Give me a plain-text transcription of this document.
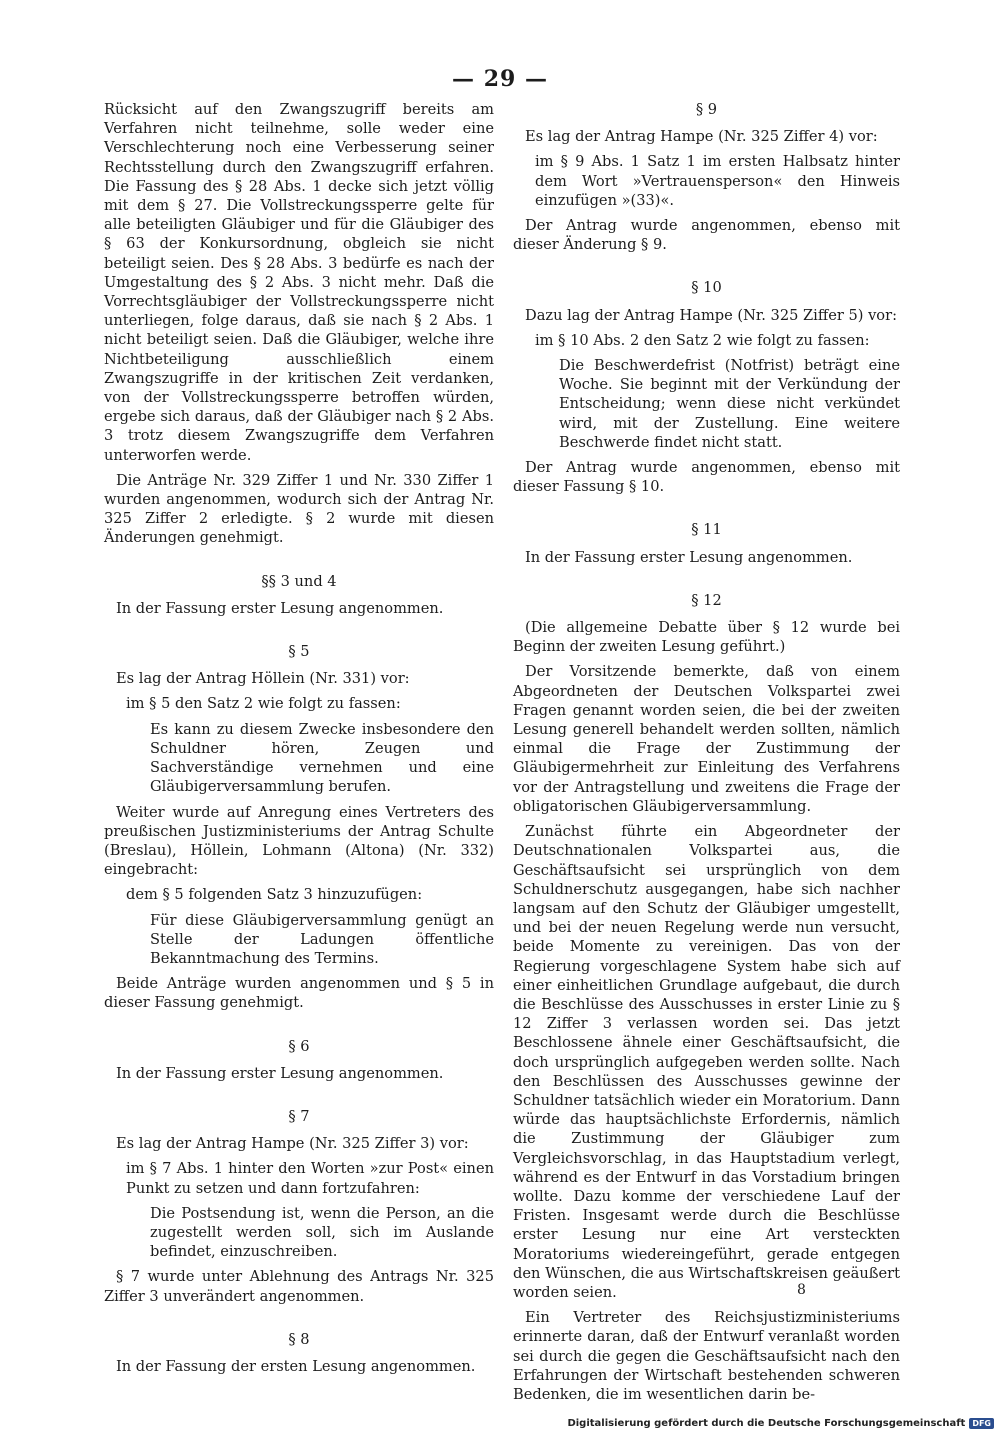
— 29 —

Rücksicht auf den Zwangszugriff bereits am Verfahren nicht teilnehme, solle weder eine Verschlechterung noch eine Verbesserung seiner Rechtsstellung durch den Zwangszugriff erfahren. Die Fassung des § 28 Abs. 1 decke sich jetzt völlig mit dem § 27. Die Vollstreckungssperre gelte für alle beteiligten Gläubiger und für die Gläubiger des § 63 der Konkursordnung, obgleich sie nicht beteiligt seien. Des § 28 Abs. 3 bedürfe es nach der Umgestaltung des § 2 Abs. 3 nicht mehr. Daß die Vorrechtsgläubiger der Vollstreckungssperre nicht unterliegen, folge daraus, daß sie nach § 2 Abs. 1 nicht beteiligt seien. Daß die Gläubiger, welche ihre Nichtbeteiligung ausschließlich einem Zwangszugriffe in der kritischen Zeit verdanken, von der Vollstreckungssperre betroffen würden, ergebe sich daraus, daß der Gläubiger nach § 2 Abs. 3 trotz diesem Zwangszugriffe dem Verfahren unterworfen werde.

Die Anträge Nr. 329 Ziffer 1 und Nr. 330 Ziffer 1 wurden angenommen, wodurch sich der Antrag Nr. 325 Ziffer 2 erledigte. § 2 wurde mit diesen Änderungen genehmigt.

§§ 3 und 4

In der Fassung erster Lesung angenommen.

§ 5

Es lag der Antrag Höllein (Nr. 331) vor:

im § 5 den Satz 2 wie folgt zu fassen:

Es kann zu diesem Zwecke insbesondere den Schuldner hören, Zeugen und Sachverständige vernehmen und eine Gläubigerversammlung berufen.

Weiter wurde auf Anregung eines Vertreters des preußischen Justizministeriums der Antrag Schulte (Breslau), Höllein, Lohmann (Altona) (Nr. 332) eingebracht:

dem § 5 folgenden Satz 3 hinzuzufügen:

Für diese Gläubigerversammlung genügt an Stelle der Ladungen öffentliche Bekanntmachung des Termins.

Beide Anträge wurden angenommen und § 5 in dieser Fassung genehmigt.

§ 6

In der Fassung erster Lesung angenommen.

§ 7

Es lag der Antrag Hampe (Nr. 325 Ziffer 3) vor:

im § 7 Abs. 1 hinter den Worten »zur Post« einen Punkt zu setzen und dann fortzufahren:

Die Postsendung ist, wenn die Person, an die zugestellt werden soll, sich im Auslande befindet, einzuschreiben.

§ 7 wurde unter Ablehnung des Antrags Nr. 325 Ziffer 3 unverändert angenommen.

§ 8

In der Fassung der ersten Lesung angenommen.

§ 9

Es lag der Antrag Hampe (Nr. 325 Ziffer 4) vor:

im § 9 Abs. 1 Satz 1 im ersten Halbsatz hinter dem Wort »Vertrauensperson« den Hinweis einzufügen »(33)«.

Der Antrag wurde angenommen, ebenso mit dieser Änderung § 9.

§ 10

Dazu lag der Antrag Hampe (Nr. 325 Ziffer 5) vor:

im § 10 Abs. 2 den Satz 2 wie folgt zu fassen:

Die Beschwerdefrist (Notfrist) beträgt eine Woche. Sie beginnt mit der Verkündung der Entscheidung; wenn diese nicht verkündet wird, mit der Zustellung. Eine weitere Beschwerde findet nicht statt.

Der Antrag wurde angenommen, ebenso mit dieser Fassung § 10.

§ 11

In der Fassung erster Lesung angenommen.

§ 12

(Die allgemeine Debatte über § 12 wurde bei Beginn der zweiten Lesung geführt.)

Der Vorsitzende bemerkte, daß von einem Abgeordneten der Deutschen Volkspartei zwei Fragen genannt worden seien, die bei der zweiten Lesung generell behandelt werden sollten, nämlich einmal die Frage der Zustimmung der Gläubigermehrheit zur Einleitung des Verfahrens vor der Antragstellung und zweitens die Frage der obligatorischen Gläubigerversammlung.

Zunächst führte ein Abgeordneter der Deutschnationalen Volkspartei aus, die Geschäftsaufsicht sei ursprünglich von dem Schuldnerschutz ausgegangen, habe sich nachher langsam auf den Schutz der Gläubiger umgestellt, und bei der neuen Regelung werde nun versucht, beide Momente zu vereinigen. Das von der Regierung vorgeschlagene System habe sich auf einer einheitlichen Grundlage aufgebaut, die durch die Beschlüsse des Ausschusses in erster Linie zu § 12 Ziffer 3 verlassen worden sei. Das jetzt Beschlossene ähnele einer Geschäftsaufsicht, die doch ursprünglich aufgegeben werden sollte. Nach den Beschlüssen des Ausschusses gewinne der Schuldner tatsächlich wieder ein Moratorium. Dann würde das hauptsächlichste Erfordernis, nämlich die Zustimmung der Gläubiger zum Vergleichsvorschlag, in das Hauptstadium verlegt, während es der Entwurf in das Vorstadium bringen wollte. Dazu komme der verschiedene Lauf der Fristen. Insgesamt werde durch die Beschlüsse erster Lesung nur eine Art versteckten Moratoriums wiedereingeführt, gerade entgegen den Wünschen, die aus Wirtschaftskreisen geäußert worden seien.

Ein Vertreter des Reichsjustizministeriums erinnerte daran, daß der Entwurf veranlaßt worden sei durch die gegen die Geschäftsaufsicht nach den Erfahrungen der Wirtschaft bestehenden schweren Bedenken, die im wesentlichen darin be-

8
Digitalisierung gefördert durch die Deutsche Forschungsgemeinschaft DFG
